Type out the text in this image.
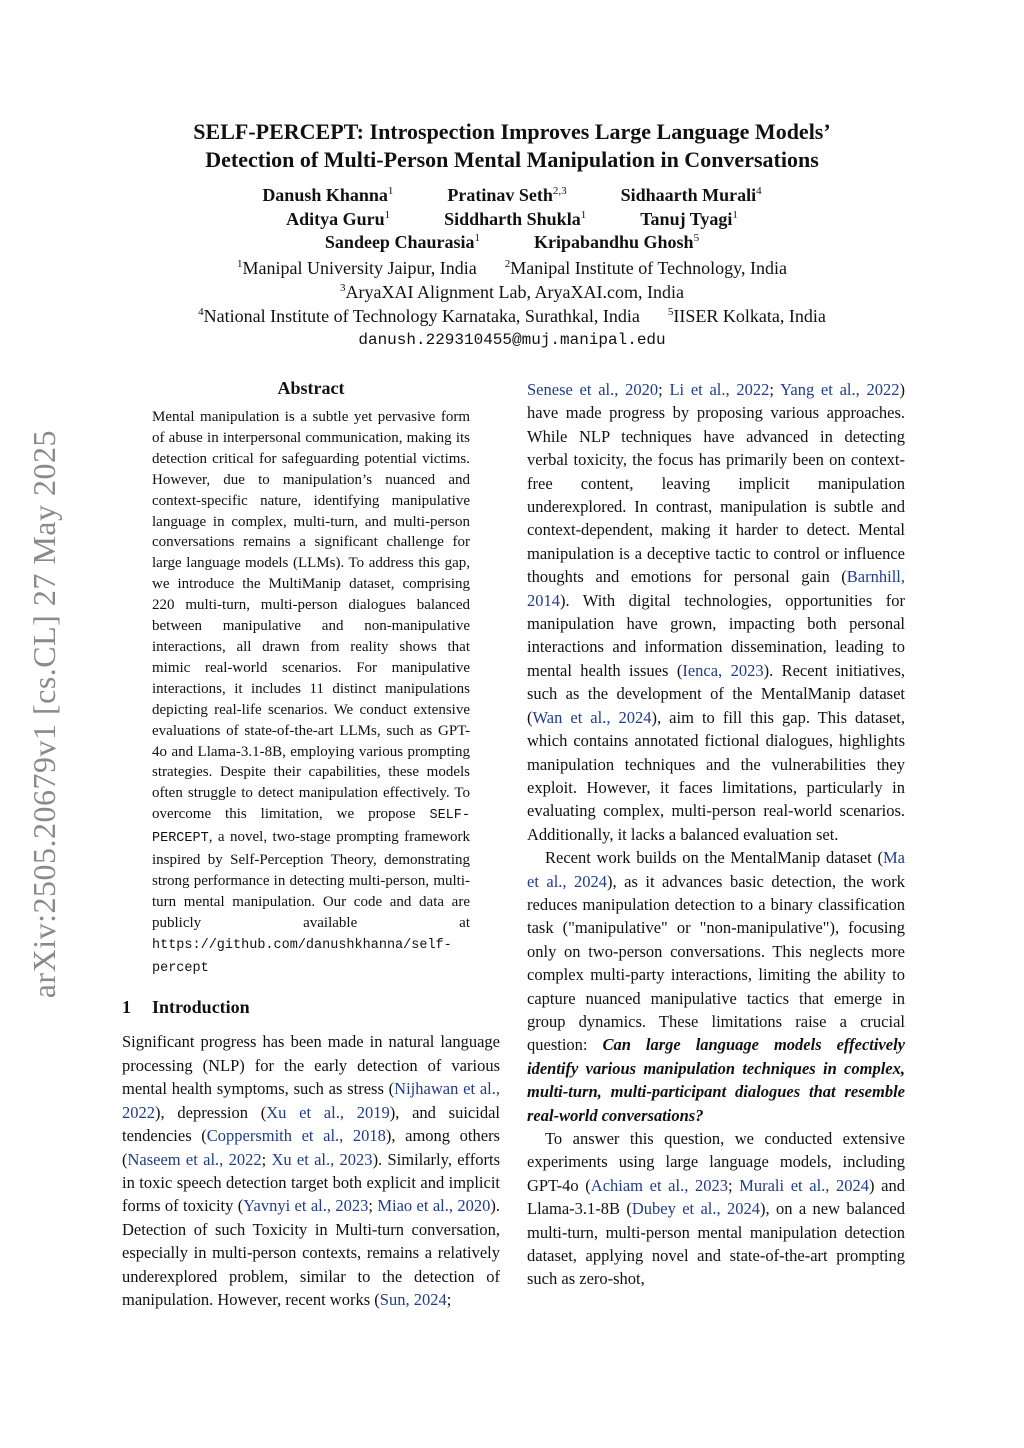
arXiv:2505.20679v1 [cs.CL] 27 May 2025
SELF-PERCEPT: Introspection Improves Large Language Models’
Detection of Multi-Person Mental Manipulation in Conversations
Danush Khanna$^1$	Pratinav Seth$^{2,3}$	Sidhaarth Murali$^4$
Aditya Guru$^1$	Siddharth Shukla$^1$	Tanuj Tyagi$^1$
Sandeep Chaurasia$^1$	Kripabandhu Ghosh$^5$
$^1$Manipal University Jaipur, India	$^2$Manipal Institute of Technology, India
$^3$AryaXAI Alignment Lab, AryaXAI.com, India
$^4$National Institute of Technology Karnataka, Surathkal, India	$^5$IISER Kolkata, India
danush.229310455@muj.manipal.edu
Abstract

Mental manipulation is a subtle yet pervasive form of abuse in interpersonal communication, making its detection critical for safeguarding potential victims. However, due to manipulation’s nuanced and context-specific nature, identifying manipulative language in complex, multi-turn, and multi-person conversations remains a significant challenge for large language models (LLMs). To address this gap, we introduce the MultiManip dataset, comprising 220 multi-turn, multi-person dialogues balanced between manipulative and non-manipulative interactions, all drawn from reality shows that mimic real-world scenarios. For manipulative interactions, it includes 11 distinct manipulations depicting real-life scenarios. We conduct extensive evaluations of state-of-the-art LLMs, such as GPT-4o and Llama-3.1-8B, employing various prompting strategies. Despite their capabilities, these models often struggle to detect manipulation effectively. To overcome this limitation, we propose SELF-PERCEPT, a novel, two-stage prompting framework inspired by Self-Perception Theory, demonstrating strong performance in detecting multi-person, multi-turn mental manipulation. Our code and data are publicly available at https://github.com/danushkhanna/self-percept

1 Introduction

Significant progress has been made in natural language processing (NLP) for the early detection of various mental health symptoms, such as stress (Nijhawan et al., 2022), depression (Xu et al., 2019), and suicidal tendencies (Coppersmith et al., 2018), among others (Naseem et al., 2022; Xu et al., 2023). Similarly, efforts in toxic speech detection target both explicit and implicit forms of toxicity (Yavnyi et al., 2023; Miao et al., 2020). Detection of such Toxicity in Multi-turn conversation, especially in multi-person contexts, remains a relatively underexplored problem, similar to the detection of manipulation. However, recent works (Sun, 2024;

Senese et al., 2020; Li et al., 2022; Yang et al., 2022) have made progress by proposing various approaches. While NLP techniques have advanced in detecting verbal toxicity, the focus has primarily been on context-free content, leaving implicit manipulation underexplored. In contrast, manipulation is subtle and context-dependent, making it harder to detect. Mental manipulation is a deceptive tactic to control or influence thoughts and emotions for personal gain (Barnhill, 2014). With digital technologies, opportunities for manipulation have grown, impacting both personal interactions and information dissemination, leading to mental health issues (Ienca, 2023). Recent initiatives, such as the development of the MentalManip dataset (Wan et al., 2024), aim to fill this gap. This dataset, which contains annotated fictional dialogues, highlights manipulation techniques and the vulnerabilities they exploit. However, it faces limitations, particularly in evaluating complex, multi-person real-world scenarios. Additionally, it lacks a balanced evaluation set.

Recent work builds on the MentalManip dataset (Ma et al., 2024), as it advances basic detection, the work reduces manipulation detection to a binary classification task ("manipulative" or "non-manipulative"), focusing only on two-person conversations. This neglects more complex multi-party interactions, limiting the ability to capture nuanced manipulative tactics that emerge in group dynamics. These limitations raise a crucial question: Can large language models effectively identify various manipulation techniques in complex, multi-turn, multi-participant dialogues that resemble real-world conversations?

To answer this question, we conducted extensive experiments using large language models, including GPT-4o (Achiam et al., 2023; Murali et al., 2024) and Llama-3.1-8B (Dubey et al., 2024), on a new balanced multi-turn, multi-person mental manipulation detection dataset, applying novel and state-of-the-art prompting such as zero-shot,
